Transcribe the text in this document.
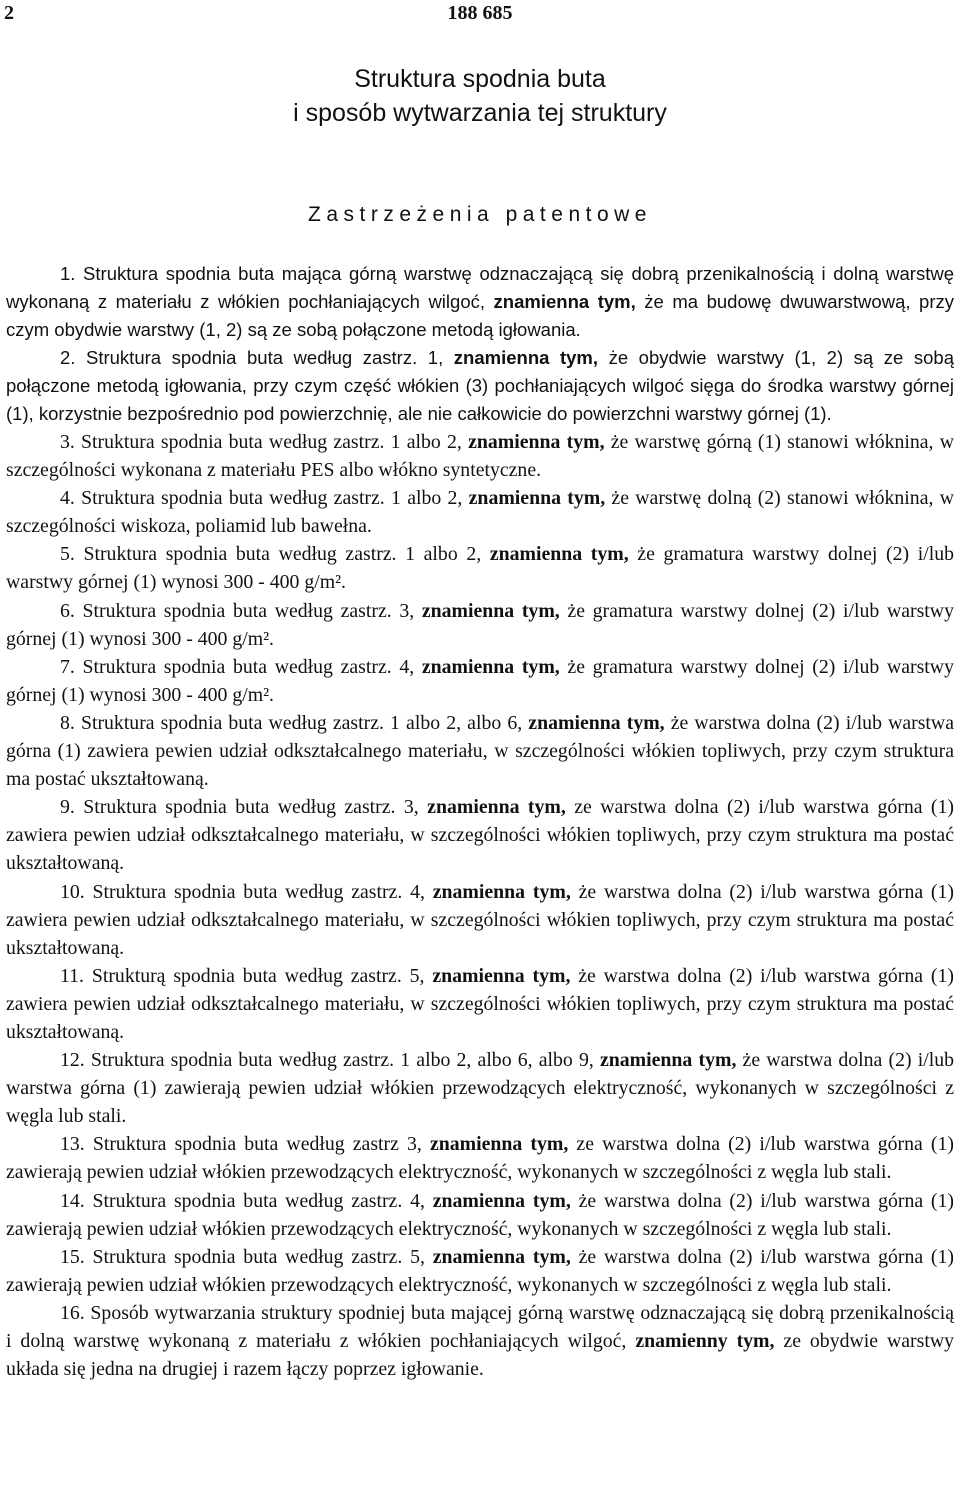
2	188 685
Struktura spodnia buta
i sposób wytwarzania tej struktury
Zastrzeżenia patentowe

1. Struktura spodnia buta mająca górną warstwę odznaczającą się dobrą przenikalnością i dolną warstwę wykonaną z materiału z włókien pochłaniających wilgoć, znamienna tym, że ma budowę dwuwarstwową, przy czym obydwie warstwy (1, 2) są ze sobą połączone metodą igłowania.

2. Struktura spodnia buta według zastrz. 1, znamienna tym, że obydwie warstwy (1, 2) są ze sobą połączone metodą igłowania, przy czym część włókien (3) pochłaniających wilgoć sięga do środka warstwy górnej (1), korzystnie bezpośrednio pod powierzchnię, ale nie całkowicie do powierzchni warstwy górnej (1).

3. Struktura spodnia buta według zastrz. 1 albo 2, znamienna tym, że warstwę górną (1) stanowi włóknina, w szczególności wykonana z materiału PES albo włókno syntetyczne.

4. Struktura spodnia buta według zastrz. 1 albo 2, znamienna tym, że warstwę dolną (2) stanowi włóknina, w szczególności wiskoza, poliamid lub bawełna.

5. Struktura spodnia buta według zastrz. 1 albo 2, znamienna tym, że gramatura warstwy dolnej (2) i/lub warstwy górnej (1) wynosi 300 - 400 g/m².

6. Struktura spodnia buta według zastrz. 3, znamienna tym, że gramatura warstwy dolnej (2) i/lub warstwy górnej (1) wynosi 300 - 400 g/m².

7. Struktura spodnia buta według zastrz. 4, znamienna tym, że gramatura warstwy dolnej (2) i/lub warstwy górnej (1) wynosi 300 - 400 g/m².

8. Struktura spodnia buta według zastrz. 1 albo 2, albo 6, znamienna tym, że warstwa dolna (2) i/lub warstwa górna (1) zawiera pewien udział odkształcalnego materiału, w szczególności włókien topliwych, przy czym struktura ma postać ukształtowaną.

9. Struktura spodnia buta według zastrz. 3, znamienna tym, ze warstwa dolna (2) i/lub warstwa górna (1) zawiera pewien udział odkształcalnego materiału, w szczególności włókien topliwych, przy czym struktura ma postać ukształtowaną.

10. Struktura spodnia buta według zastrz. 4, znamienna tym, że warstwa dolna (2) i/lub warstwa górna (1) zawiera pewien udział odkształcalnego materiału, w szczególności włókien topliwych, przy czym struktura ma postać ukształtowaną.

11. Strukturą spodnia buta według zastrz. 5, znamienna tym, że warstwa dolna (2) i/lub warstwa górna (1) zawiera pewien udział odkształcalnego materiału, w szczególności włókien topliwych, przy czym struktura ma postać ukształtowaną.

12. Struktura spodnia buta według zastrz. 1 albo 2, albo 6, albo 9, znamienna tym, że warstwa dolna (2) i/lub warstwa górna (1) zawierają pewien udział włókien przewodzących elektryczność, wykonanych w szczególności z węgla lub stali.

13. Struktura spodnia buta według zastrz 3, znamienna tym, ze warstwa dolna (2) i/lub warstwa górna (1) zawierają pewien udział włókien przewodzących elektryczność, wykonanych w szczególności z węgla lub stali.

14. Struktura spodnia buta według zastrz. 4, znamienna tym, że warstwa dolna (2) i/lub warstwa górna (1) zawierają pewien udział włókien przewodzących elektryczność, wykonanych w szczególności z węgla lub stali.

15. Struktura spodnia buta według zastrz. 5, znamienna tym, że warstwa dolna (2) i/lub warstwa górna (1) zawierają pewien udział włókien przewodzących elektryczność, wykonanych w szczególności z węgla lub stali.

16. Sposób wytwarzania struktury spodniej buta mającej górną warstwę odznaczającą się dobrą przenikalnością i dolną warstwę wykonaną z materiału z włókien pochłaniających wilgoć, znamienny tym, ze obydwie warstwy układa się jedna na drugiej i razem łączy poprzez igłowanie.
